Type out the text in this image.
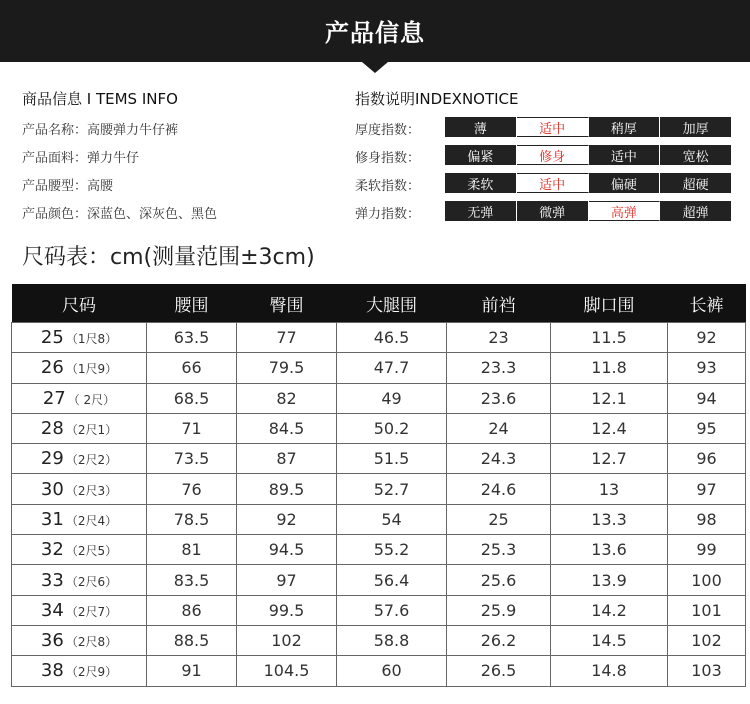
产品信息
商品信息 I TEMS INFO
产品名称：高腰弹力牛仔裤
产品面料：弹力牛仔
产品腰型：高腰
产品颜色：深蓝色、深灰色、黑色
指数说明INDEXNOTICE
厚度指数：	薄	适中	稍厚	加厚
修身指数：	偏紧	修身	适中	宽松
柔软指数：	柔软	适中	偏硬	超硬
弹力指数：	无弹	微弹	高弹	超弹
尺码表：cm(测量范围±3cm)
尺码	腰围	臀围	大腿围	前裆	脚口围	长裤
25 （1尺8）	63.5	77	46.5	23	11.5	92
26 （1尺9）	66	79.5	47.7	23.3	11.8	93
27 （ 2尺）	68.5	82	49	23.6	12.1	94
28 （2尺1）	71	84.5	50.2	24	12.4	95
29 （2尺2）	73.5	87	51.5	24.3	12.7	96
30 （2尺3）	76	89.5	52.7	24.6	13	97
31 （2尺4）	78.5	92	54	25	13.3	98
32 （2尺5）	81	94.5	55.2	25.3	13.6	99
33 （2尺6）	83.5	97	56.4	25.6	13.9	100
34 （2尺7）	86	99.5	57.6	25.9	14.2	101
36 （2尺8）	88.5	102	58.8	26.2	14.5	102
38 （2尺9）	91	104.5	60	26.5	14.8	103
